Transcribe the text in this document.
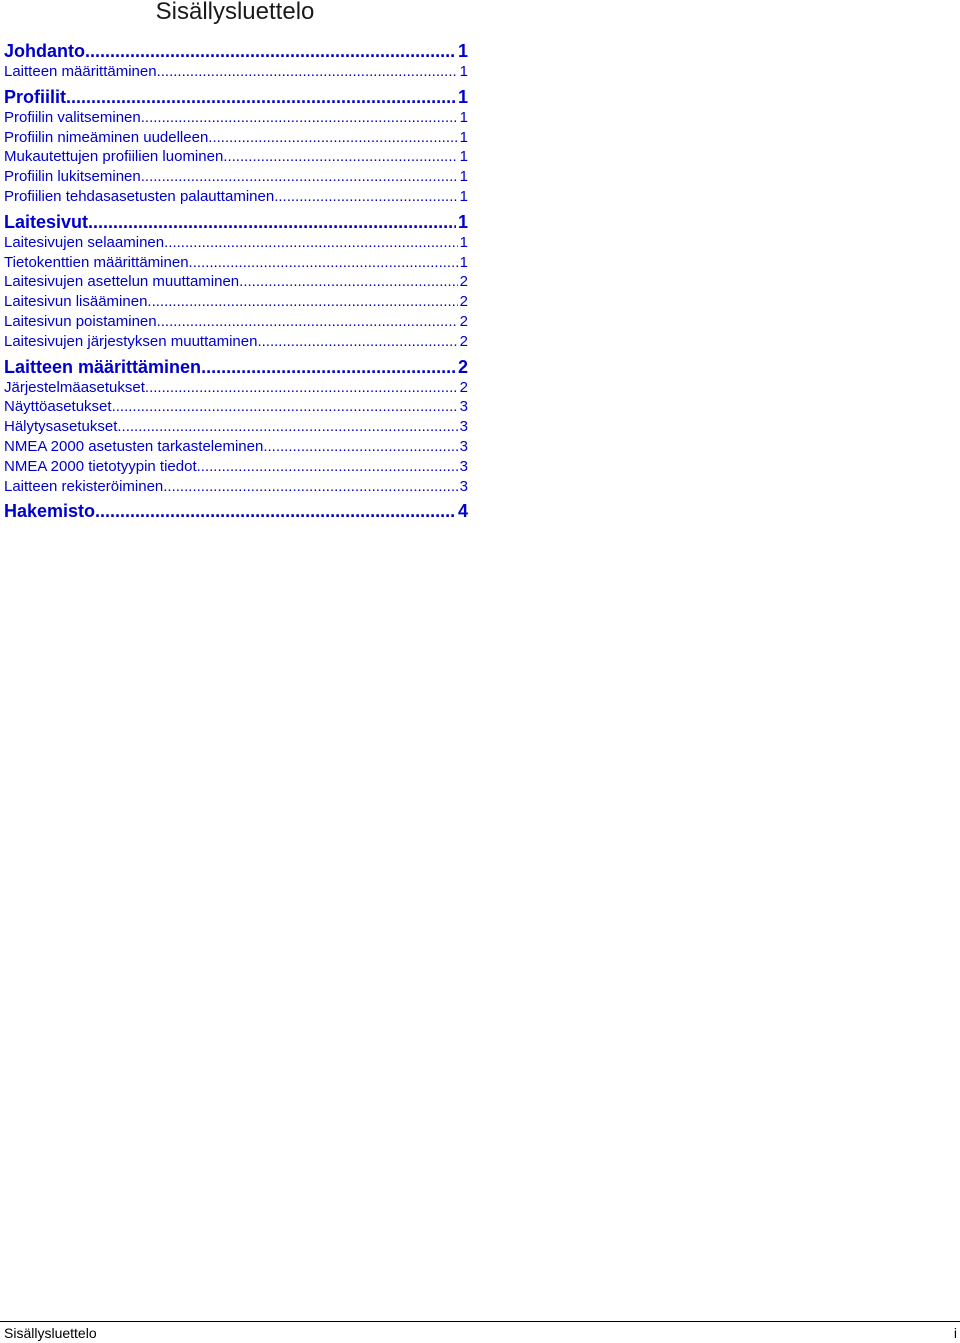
Sisällysluettelo
Johdanto .....	1
Laitteen määrittäminen .....	1
Profiilit .....	1
Profiilin valitseminen .....	1
Profiilin nimeäminen uudelleen .....	1
Mukautettujen profiilien luominen .....	1
Profiilin lukitseminen .....	1
Profiilien tehdasasetusten palauttaminen .....	1
Laitesivut .....	1
Laitesivujen selaaminen .....	1
Tietokenttien määrittäminen .....	1
Laitesivujen asettelun muuttaminen .....	2
Laitesivun lisääminen .....	2
Laitesivun poistaminen .....	2
Laitesivujen järjestyksen muuttaminen .....	2
Laitteen määrittäminen .....	2
Järjestelmäasetukset .....	2
Näyttöasetukset .....	3
Hälytysasetukset .....	3
NMEA 2000 asetusten tarkasteleminen .....	3
NMEA 2000 tietotyypin tiedot .....	3
Laitteen rekisteröiminen .....	3
Hakemisto .....	4
Sisällysluettelo	i
